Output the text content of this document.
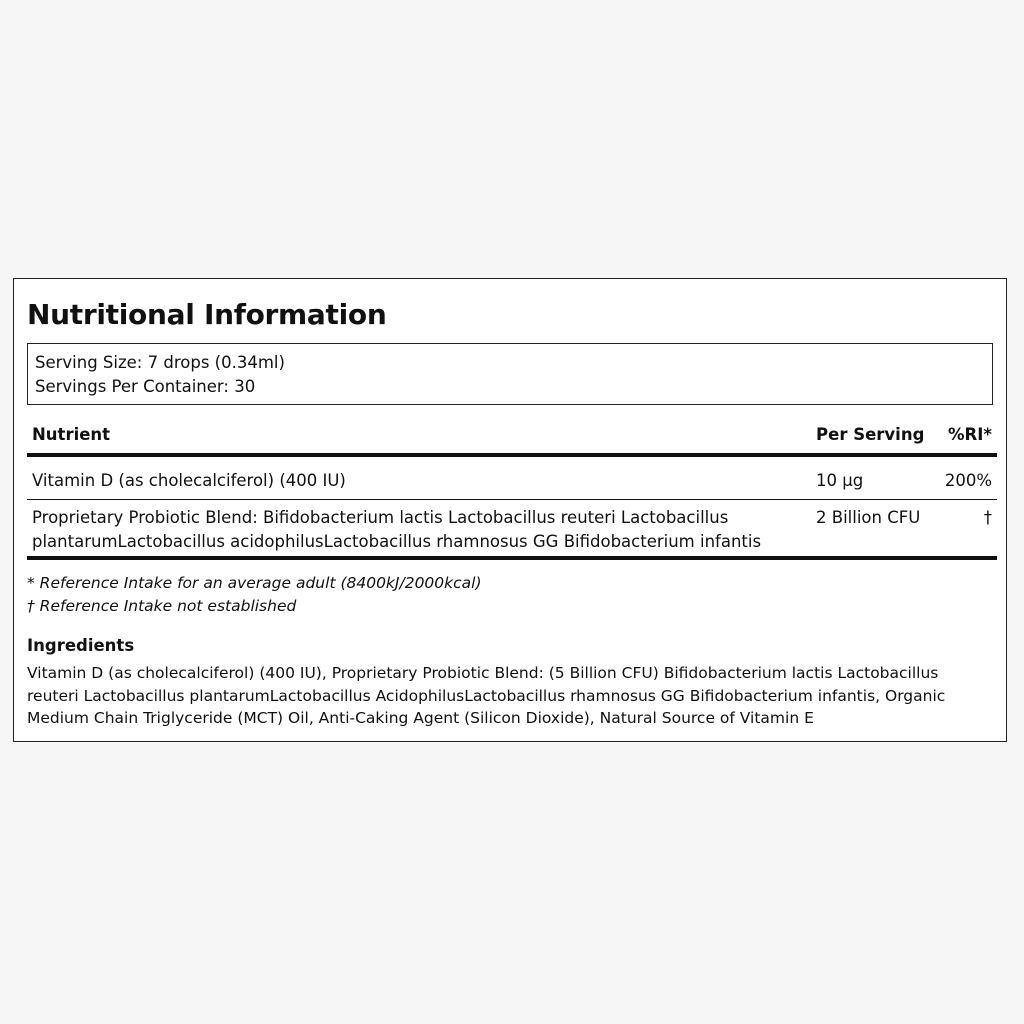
Nutritional Information
Serving Size: 7 drops (0.34ml)
Servings Per Container: 30
Nutrient	Per Serving	%RI*
Vitamin D (as cholecalciferol) (400 IU)	10 µg	200%
Proprietary Probiotic Blend: Bifidobacterium lactis Lactobacillus reuteri Lactobacillus plantarumLactobacillus acidophilusLactobacillus rhamnosus GG Bifidobacterium infantis	2 Billion CFU	†
* Reference Intake for an average adult (8400kJ/2000kcal)
† Reference Intake not established
Ingredients
Vitamin D (as cholecalciferol) (400 IU), Proprietary Probiotic Blend: (5 Billion CFU) Bifidobacterium lactis Lactobacillus reuteri Lactobacillus plantarumLactobacillus AcidophilusLactobacillus rhamnosus GG Bifidobacterium infantis, Organic Medium Chain Triglyceride (MCT) Oil, Anti-Caking Agent (Silicon Dioxide), Natural Source of Vitamin E
